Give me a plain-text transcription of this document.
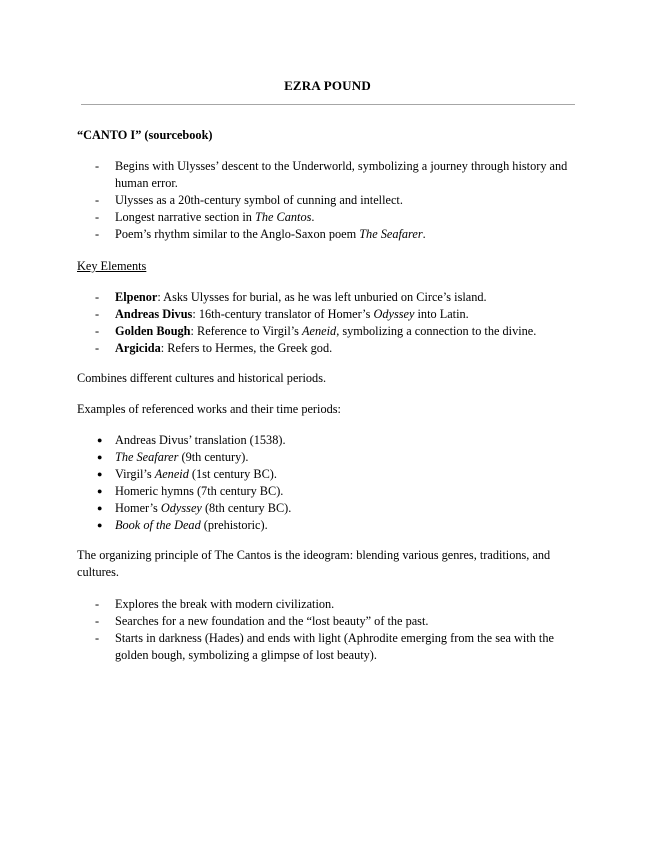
EZRA POUND
“CANTO I” (sourcebook)
- Begins with Ulysses’ descent to the Underworld, symbolizing a journey through history and human error.
- Ulysses as a 20th-century symbol of cunning and intellect.
- Longest narrative section in The Cantos.
- Poem’s rhythm similar to the Anglo-Saxon poem The Seafarer.
Key Elements
- Elpenor: Asks Ulysses for burial, as he was left unburied on Circe’s island.
- Andreas Divus: 16th-century translator of Homer’s Odyssey into Latin.
- Golden Bough: Reference to Virgil’s Aeneid, symbolizing a connection to the divine.
- Argicida: Refers to Hermes, the Greek god.

Combines different cultures and historical periods.

Examples of referenced works and their time periods:

● Andreas Divus’ translation (1538).
● The Seafarer (9th century).
● Virgil’s Aeneid (1st century BC).
● Homeric hymns (7th century BC).
● Homer’s Odyssey (8th century BC).
● Book of the Dead (prehistoric).

The organizing principle of The Cantos is the ideogram: blending various genres, traditions, and cultures.

- Explores the break with modern civilization.
- Searches for a new foundation and the “lost beauty” of the past.
- Starts in darkness (Hades) and ends with light (Aphrodite emerging from the sea with the golden bough, symbolizing a glimpse of lost beauty).
